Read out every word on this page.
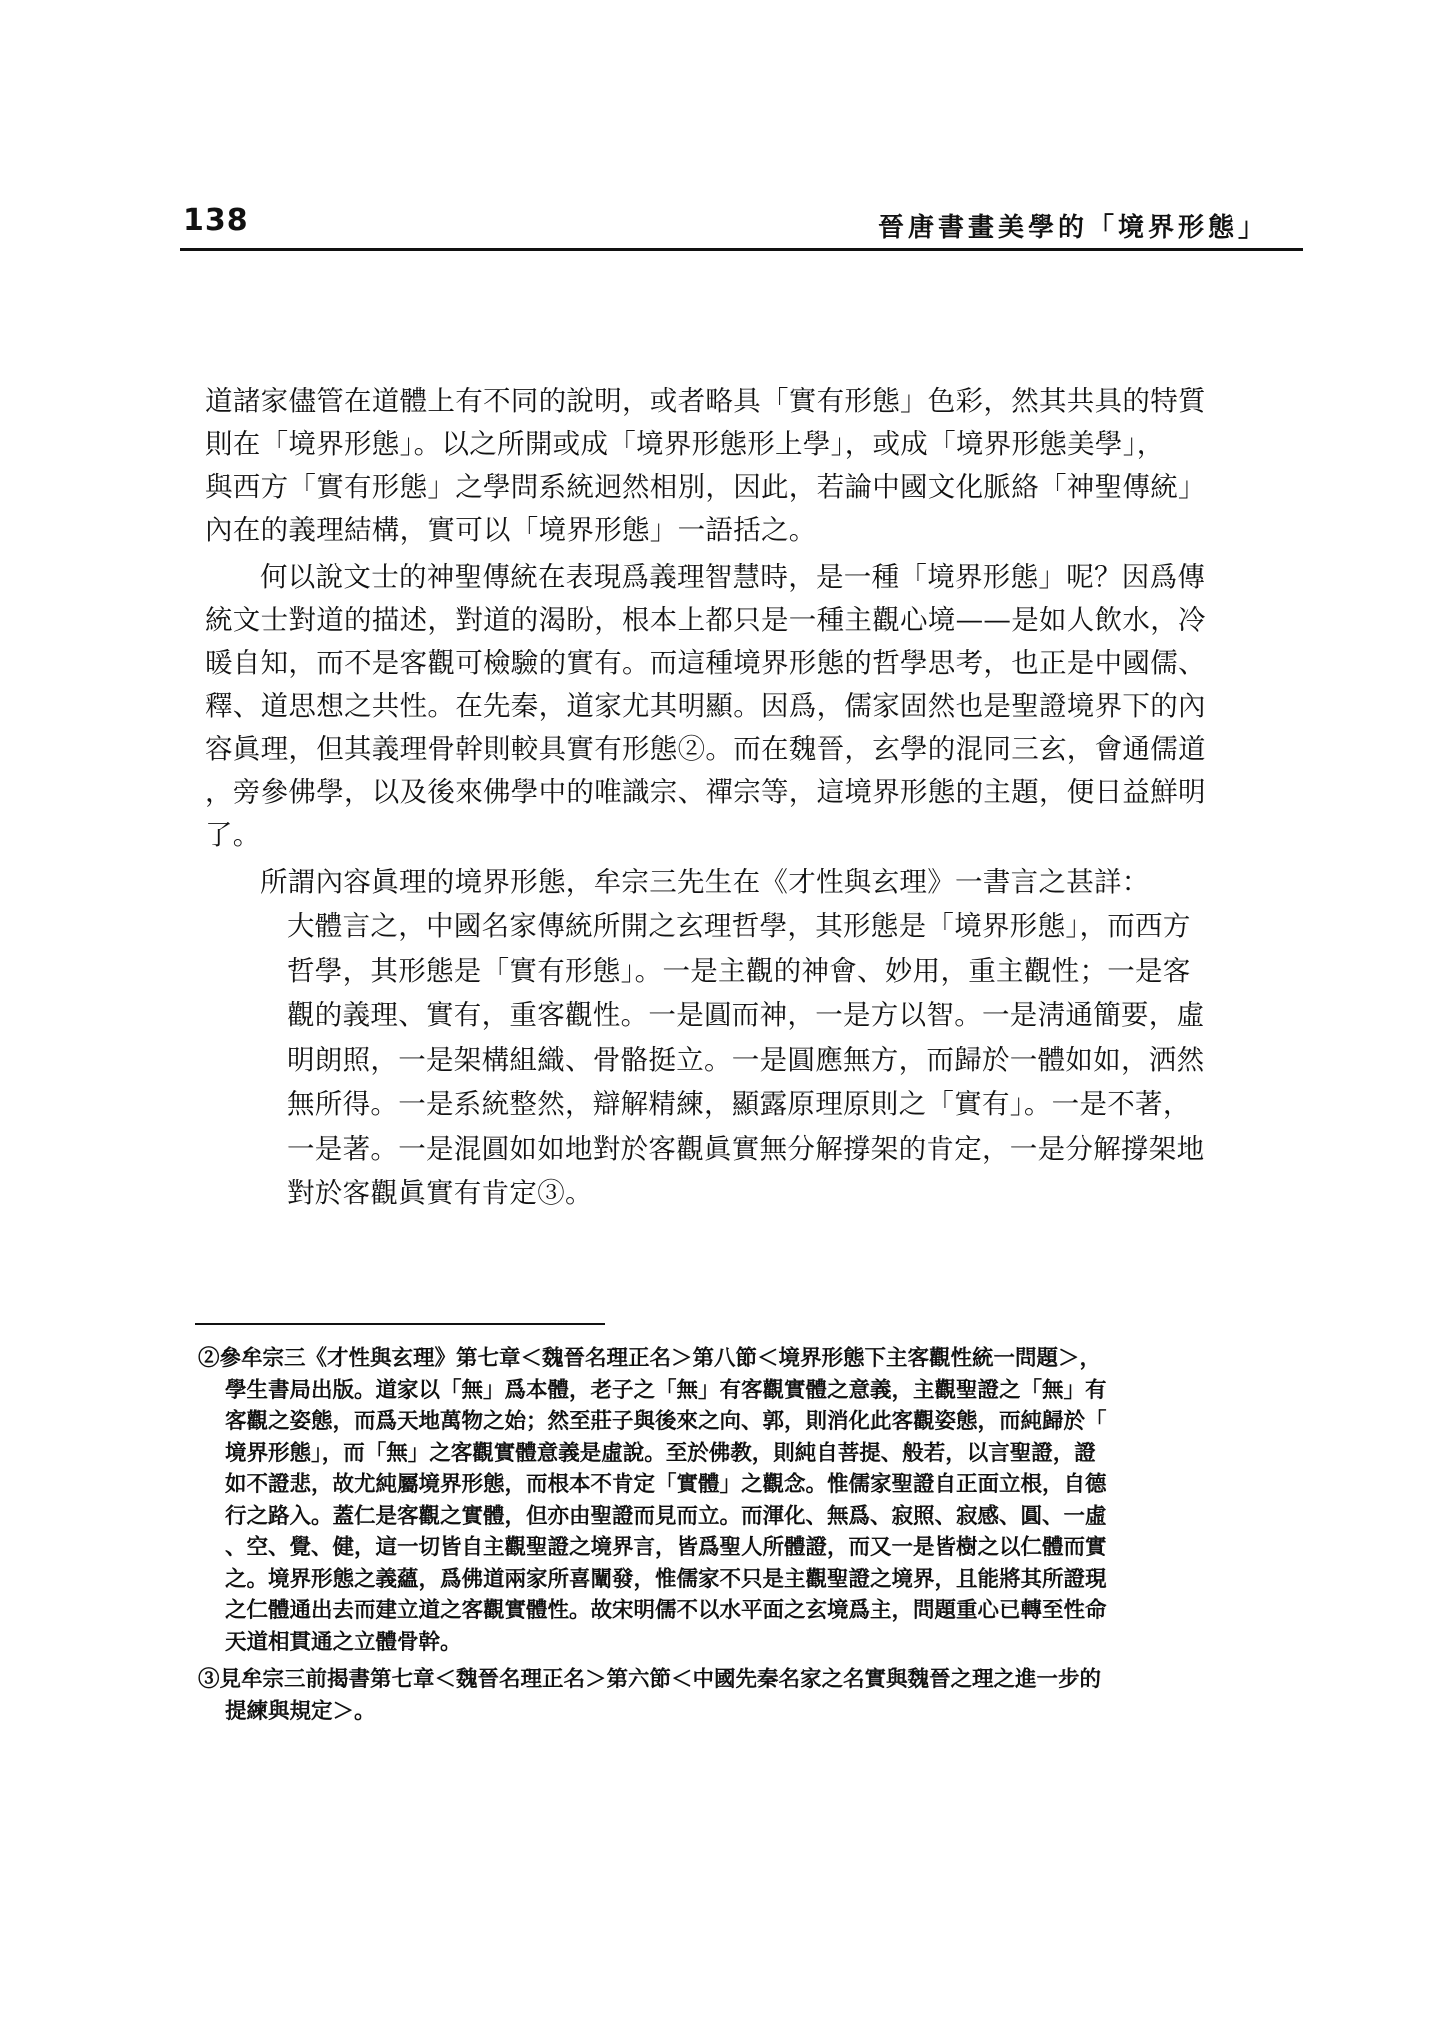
138	晉唐書畫美學的「境界形態」
道諸家儘管在道體上有不同的說明，或者略具「實有形態」色彩，然其共具的特質
則在「境界形態」。以之所開或成「境界形態形上學」，或成「境界形態美學」，
與西方「實有形態」之學問系統迥然相別，因此，若論中國文化脈絡「神聖傳統」
內在的義理結構，實可以「境界形態」一語括之。
何以說文士的神聖傳統在表現爲義理智慧時，是一種「境界形態」呢？因爲傳
統文士對道的描述，對道的渴盼，根本上都只是一種主觀心境——是如人飲水，冷
暖自知，而不是客觀可檢驗的實有。而這種境界形態的哲學思考，也正是中國儒、
釋、道思想之共性。在先秦，道家尤其明顯。因爲，儒家固然也是聖證境界下的內
容眞理，但其義理骨幹則較具實有形態②。而在魏晉，玄學的混同三玄，會通儒道
，旁參佛學，以及後來佛學中的唯識宗、禪宗等，這境界形態的主題，便日益鮮明
了。
所謂內容眞理的境界形態，牟宗三先生在《才性與玄理》一書言之甚詳：
大體言之，中國名家傳統所開之玄理哲學，其形態是「境界形態」，而西方
哲學，其形態是「實有形態」。一是主觀的神會、妙用，重主觀性；一是客
觀的義理、實有，重客觀性。一是圓而神，一是方以智。一是淸通簡要，虛
明朗照，一是架構組織、骨骼挺立。一是圓應無方，而歸於一體如如，洒然
無所得。一是系統整然，辯解精練，顯露原理原則之「實有」。一是不著，
一是著。一是混圓如如地對於客觀眞實無分解撐架的肯定，一是分解撐架地
對於客觀眞實有肯定③。
②參牟宗三《才性與玄理》第七章＜魏晉名理正名＞第八節＜境界形態下主客觀性統一問題＞，
學生書局出版。道家以「無」爲本體，老子之「無」有客觀實體之意義，主觀聖證之「無」有
客觀之姿態，而爲天地萬物之始；然至莊子與後來之向、郭，則消化此客觀姿態，而純歸於「
境界形態」，而「無」之客觀實體意義是虛說。至於佛教，則純自菩提、般若，以言聖證，證
如不證悲，故尤純屬境界形態，而根本不肯定「實體」之觀念。惟儒家聖證自正面立根，自德
行之路入。蓋仁是客觀之實體，但亦由聖證而見而立。而渾化、無爲、寂照、寂感、圓、一虛
、空、覺、健，這一切皆自主觀聖證之境界言，皆爲聖人所體證，而又一是皆樹之以仁體而實
之。境界形態之義蘊，爲佛道兩家所喜闡發，惟儒家不只是主觀聖證之境界，且能將其所證現
之仁體通出去而建立道之客觀實體性。故宋明儒不以水平面之玄境爲主，問題重心已轉至性命
天道相貫通之立體骨幹。
③見牟宗三前揭書第七章＜魏晉名理正名＞第六節＜中國先秦名家之名實與魏晉之理之進一步的
提練與規定＞。
